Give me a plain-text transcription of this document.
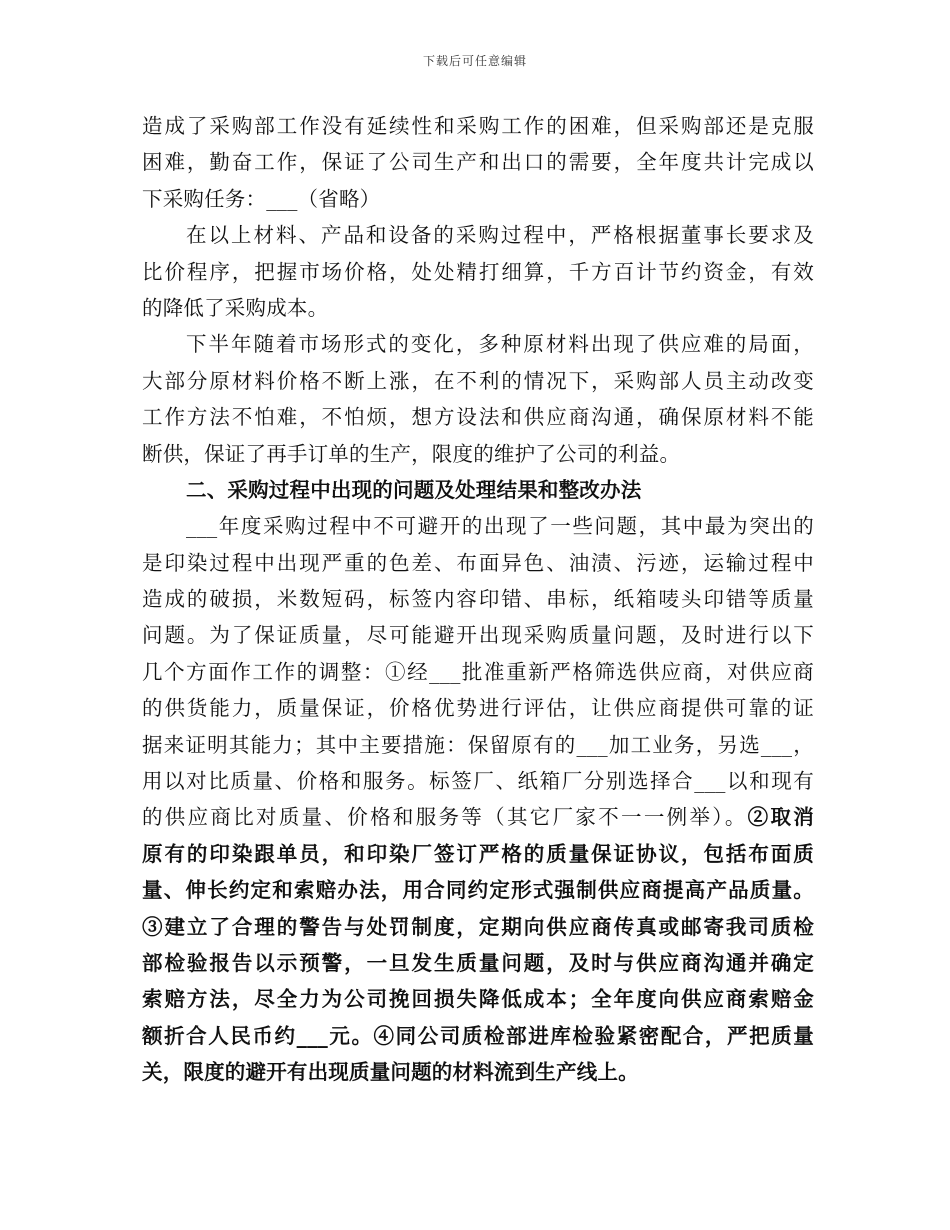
下载后可任意编辑
造成了采购部工作没有延续性和采购工作的困难，但采购部还是克服
困难，勤奋工作，保证了公司生产和出口的需要，全年度共计完成以
下采购任务：___（省略）
在以上材料、产品和设备的采购过程中，严格根据董事长要求及
比价程序，把握市场价格，处处精打细算，千方百计节约资金，有效
的降低了采购成本。
下半年随着市场形式的变化，多种原材料出现了供应难的局面，
大部分原材料价格不断上涨，在不利的情况下，采购部人员主动改变
工作方法不怕难，不怕烦，想方设法和供应商沟通，确保原材料不能
断供，保证了再手订单的生产，限度的维护了公司的利益。
二、采购过程中出现的问题及处理结果和整改办法
___年度采购过程中不可避开的出现了一些问题，其中最为突出的
是印染过程中出现严重的色差、布面异色、油渍、污迹，运输过程中
造成的破损，米数短码，标签内容印错、串标，纸箱唛头印错等质量
问题。为了保证质量，尽可能避开出现采购质量问题，及时进行以下
几个方面作工作的调整：①经___批准重新严格筛选供应商，对供应商
的供货能力，质量保证，价格优势进行评估，让供应商提供可靠的证
据来证明其能力；其中主要措施：保留原有的___加工业务，另选___，
用以对比质量、价格和服务。标签厂、纸箱厂分别选择合___以和现有
的供应商比对质量、价格和服务等（其它厂家不一一例举）。②取消
原有的印染跟单员，和印染厂签订严格的质量保证协议，包括布面质
量、伸长约定和索赔办法，用合同约定形式强制供应商提高产品质量。
③建立了合理的警告与处罚制度，定期向供应商传真或邮寄我司质检
部检验报告以示预警，一旦发生质量问题，及时与供应商沟通并确定
索赔方法，尽全力为公司挽回损失降低成本；全年度向供应商索赔金
额折合人民币约___元。④同公司质检部进库检验紧密配合，严把质量
关，限度的避开有出现质量问题的材料流到生产线上。
